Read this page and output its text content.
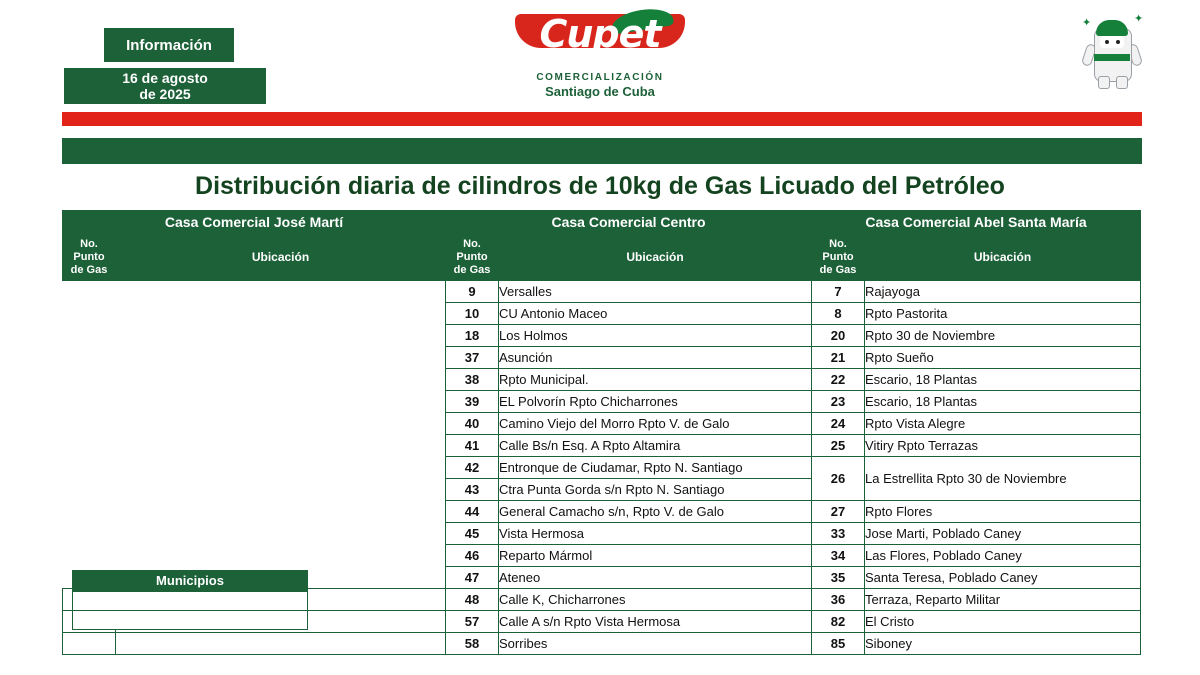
Información
16 de agosto
de 2025
Cupet
COMERCIALIZACIÓN
Santiago de Cuba
✦	✦
Distribución diaria de cilindros de 10kg de Gas Licuado del Petróleo
Casa Comercial José Martí		Casa Comercial Centro		Casa Comercial Abel Santa María	

No.
Punto
de Gas
	Ubicación	
No.
Punto
de Gas
	Ubicación	
No.
Punto
de Gas
	Ubicación
		9	Versalles	7	Rajayoga
		10	CU Antonio Maceo	8	Rpto Pastorita
		18	Los Holmos	20	Rpto 30 de Noviembre
		37	Asunción	21	Rpto Sueño
		38	Rpto Municipal.	22	Escario, 18 Plantas
		39	EL Polvorín Rpto Chicharrones	23	Escario, 18 Plantas
		40	Camino Viejo del Morro Rpto V. de Galo	24	Rpto Vista Alegre
		41	Calle Bs/n Esq. A Rpto Altamira	25	Vitiry Rpto Terrazas
		42	Entronque de Ciudamar, Rpto N. Santiago	26	La Estrellita Rpto 30 de Noviembre
		43	Ctra Punta Gorda s/n Rpto N. Santiago		
		44	General Camacho s/n, Rpto V. de Galo	27	Rpto Flores
		45	Vista Hermosa	33	Jose Marti, Poblado Caney
		46	Reparto Mármol	34	Las Flores, Poblado Caney
		47	Ateneo	35	Santa Teresa, Poblado Caney
		48	Calle K, Chicharrones	36	Terraza, Reparto Militar
		57	Calle A s/n Rpto Vista Hermosa	82	El Cristo
		58	Sorribes	85	Siboney
Municipios
